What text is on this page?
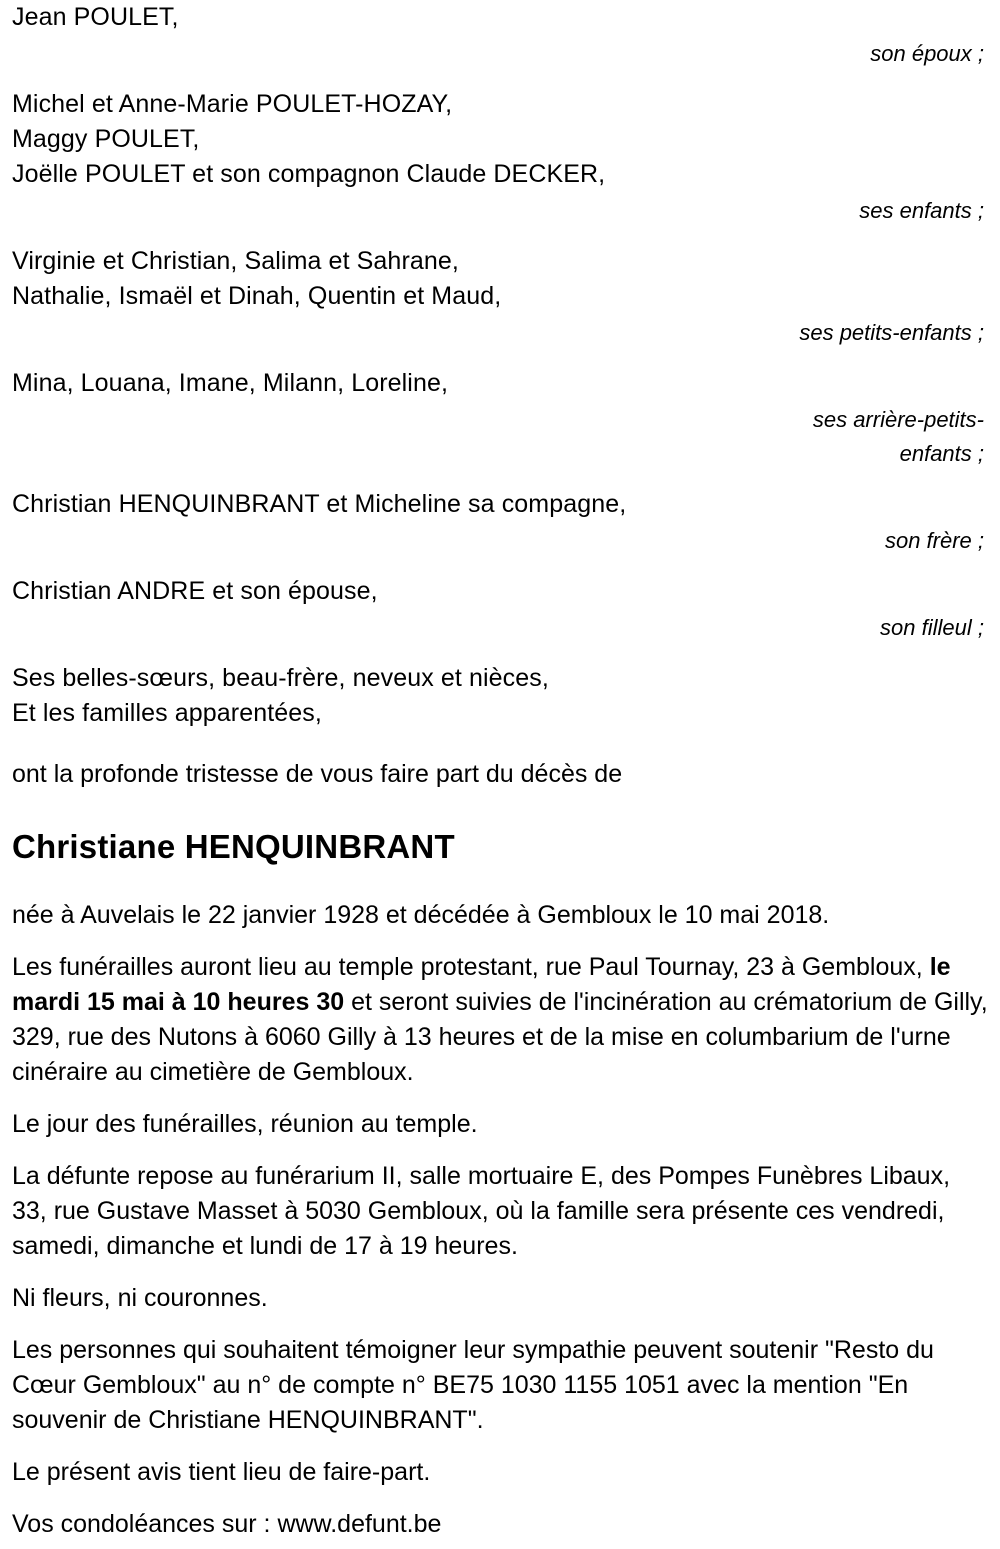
Jean POULET,
son époux ;
Michel et Anne-Marie POULET-HOZAY,
Maggy POULET,
Joëlle POULET et son compagnon Claude DECKER,
ses enfants ;
Virginie et Christian, Salima et Sahrane,
Nathalie, Ismaël et Dinah, Quentin et Maud,
ses petits-enfants ;
Mina, Louana, Imane, Milann, Loreline,
ses arrière-petits-
enfants ;
Christian HENQUINBRANT et Micheline sa compagne,
son frère ;
Christian ANDRE et son épouse,
son filleul ;
Ses belles-sœurs, beau-frère, neveux et nièces,
Et les familles apparentées,
ont la profonde tristesse de vous faire part du décès de
Christiane HENQUINBRANT

née à Auvelais le 22 janvier 1928 et décédée à Gembloux le 10 mai 2018.

Les funérailles auront lieu au temple protestant, rue Paul Tournay, 23 à Gembloux, le mardi 15 mai à 10 heures 30 et seront suivies de l'incinération au crématorium de Gilly, 329, rue des Nutons à 6060 Gilly à 13 heures et de la mise en columbarium de l'urne cinéraire au cimetière de Gembloux.

Le jour des funérailles, réunion au temple.

La défunte repose au funérarium II, salle mortuaire E, des Pompes Funèbres Libaux, 33, rue Gustave Masset à 5030 Gembloux, où la famille sera présente ces vendredi, samedi, dimanche et lundi de 17 à 19 heures.

Ni fleurs, ni couronnes.

Les personnes qui souhaitent témoigner leur sympathie peuvent soutenir "Resto du Cœur Gembloux" au n° de compte n° BE75 1030 1155 1051 avec la mention "En souvenir de Christiane HENQUINBRANT".

Le présent avis tient lieu de faire-part.

Vos condoléances sur : www.defunt.be
